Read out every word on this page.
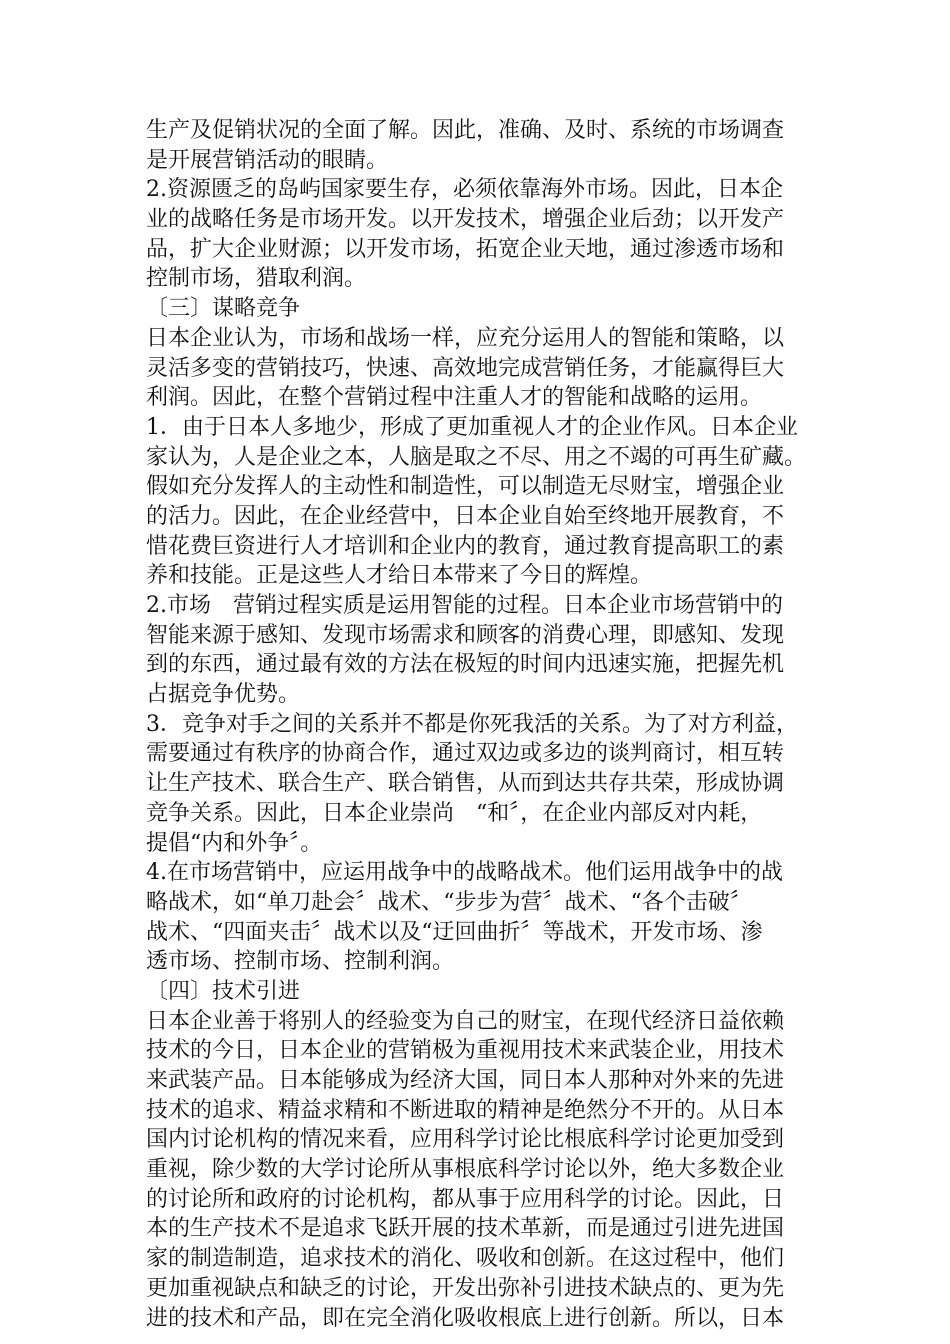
生产及促销状况的全面了解。因此，准确、及时、系统的市场调查
是开展营销活动的眼睛。
2.资源匮乏的岛屿国家要生存，必须依靠海外市场。因此，日本企
业的战略任务是市场开发。以开发技术，增强企业后劲；以开发产
品，扩大企业财源；以开发市场，拓宽企业天地，通过渗透市场和
控制市场，猎取利润。
〔三〕谋略竞争
日本企业认为，市场和战场一样，应充分运用人的智能和策略，以
灵活多变的营销技巧，快速、高效地完成营销任务，才能赢得巨大
利润。因此，在整个营销过程中注重人才的智能和战略的运用。
1．由于日本人多地少，形成了更加重视人才的企业作风。日本企业
家认为，人是企业之本，人脑是取之不尽、用之不竭的可再生矿藏。
假如充分发挥人的主动性和制造性，可以制造无尽财宝，增强企业
的活力。因此，在企业经营中，日本企业自始至终地开展教育，不
惜花费巨资进行人才培训和企业内的教育，通过教育提高职工的素
养和技能。正是这些人才给日本带来了今日的辉煌。
2.市场　营销过程实质是运用智能的过程。日本企业市场营销中的
智能来源于感知、发现市场需求和顾客的消费心理，即感知、发现
到的东西，通过最有效的方法在极短的时间内迅速实施，把握先机
占据竞争优势。
3．竞争对手之间的关系并不都是你死我活的关系。为了对方利益，
需要通过有秩序的协商合作，通过双边或多边的谈判商讨，相互转
让生产技术、联合生产、联合销售，从而到达共存共荣，形成协调
竞争关系。因此，日本企业崇尚　“和〞，在企业内部反对内耗，
提倡“内和外争〞。
4.在市场营销中，应运用战争中的战略战术。他们运用战争中的战
略战术，如“单刀赴会〞战术、“步步为营〞战术、“各个击破〞
战术、“四面夹击〞战术以及“迂回曲折〞等战术，开发市场、渗
透市场、控制市场、控制利润。
〔四〕技术引进
日本企业善于将别人的经验变为自己的财宝，在现代经济日益依赖
技术的今日，日本企业的营销极为重视用技术来武装企业，用技术
来武装产品。日本能够成为经济大国，同日本人那种对外来的先进
技术的追求、精益求精和不断进取的精神是绝然分不开的。从日本
国内讨论机构的情况来看，应用科学讨论比根底科学讨论更加受到
重视，除少数的大学讨论所从事根底科学讨论以外，绝大多数企业
的讨论所和政府的讨论机构，都从事于应用科学的讨论。因此，日
本的生产技术不是追求飞跃开展的技术革新，而是通过引进先进国
家的制造制造，追求技术的消化、吸收和创新。在这过程中，他们
更加重视缺点和缺乏的讨论，开发出弥补引进技术缺点的、更为先
进的技术和产品，即在完全消化吸收根底上进行创新。所以，日本
